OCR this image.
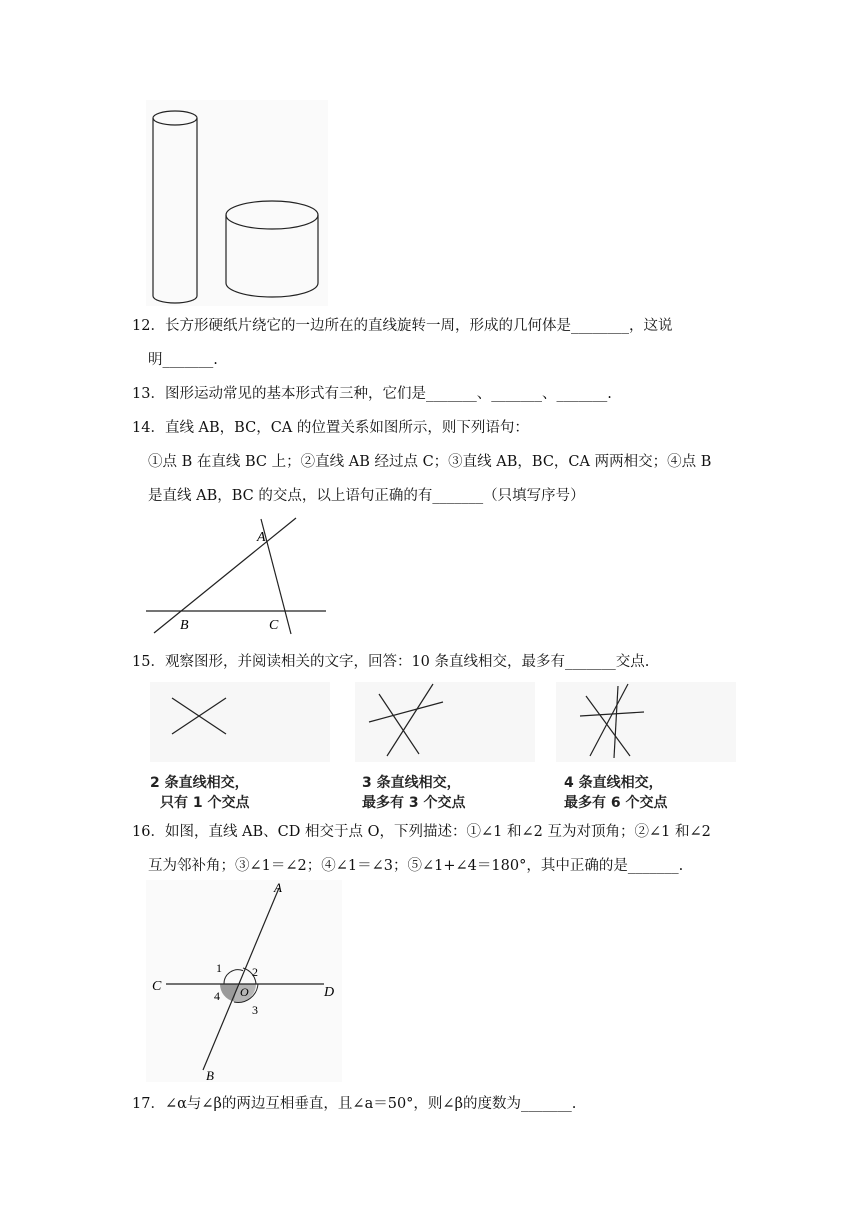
12．长方形硬纸片绕它的一边所在的直线旋转一周，形成的几何体是________，这说
明_______.
13．图形运动常见的基本形式有三种，它们是_______、_______、_______.
14．直线 AB，BC，CA 的位置关系如图所示，则下列语句：
①点 B 在直线 BC 上；②直线 AB 经过点 C；③直线 AB，BC，CA 两两相交；④点 B
是直线 AB，BC 的交点，以上语句正确的有_______（只填写序号）
A
B	C
15．观察图形，并阅读相关的文字，回答：10 条直线相交，最多有_______交点.
2 条直线相交，
只有 1 个交点
3 条直线相交，
最多有 3 个交点
4 条直线相交，
最多有 6 个交点
16．如图，直线 AB、CD 相交于点 O，下列描述：①∠1 和∠2 互为对顶角；②∠1 和∠2
互为邻补角；③∠1＝∠2；④∠1＝∠3；⑤∠1+∠4＝180°，其中正确的是_______.
A
B
C	D
O
1	2
3
4
17．∠α与∠β的两边互相垂直，且∠a＝50°，则∠β的度数为_______.
